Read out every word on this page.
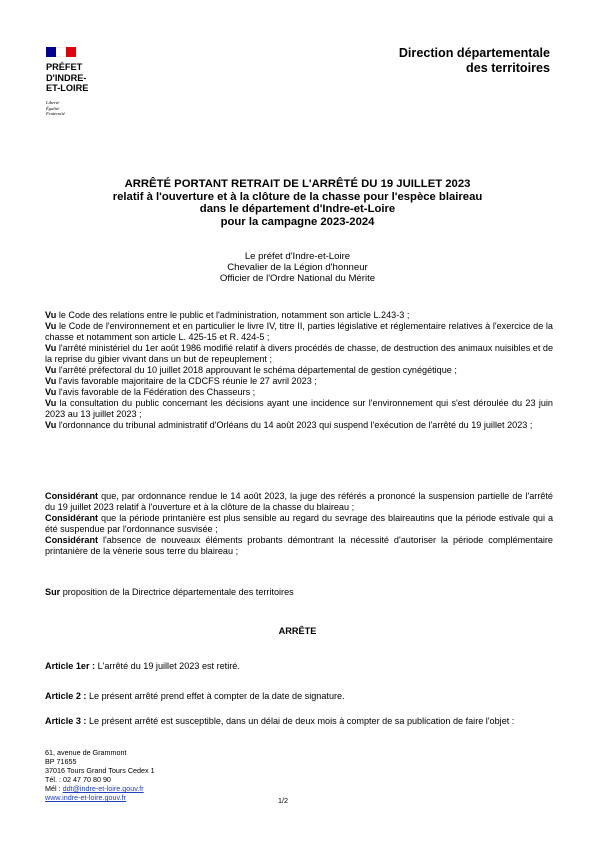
PRÉFET
D'INDRE-
ET-LOIRE
Liberté
Égalité
Fraternité
Direction départementale
des territoires
ARRÊTÉ PORTANT RETRAIT DE L'ARRÊTÉ DU 19 JUILLET 2023
relatif à l'ouverture et à la clôture de la chasse pour l'espèce blaireau
dans le département d'Indre-et-Loire
pour la campagne 2023-2024
Le préfet d'Indre-et-Loire
Chevalier de la Légion d'honneur
Officier de l'Ordre National du Mérite

Vu le Code des relations entre le public et l'administration, notamment son article L.243-3 ;

Vu le Code de l'environnement et en particulier le livre IV, titre II, parties législative et réglementaire relatives à l'exercice de la chasse et notamment son article L. 425-15 et R. 424-5 ;

Vu l'arrêté ministériel du 1er août 1986 modifié relatif à divers procédés de chasse, de destruction des animaux nuisibles et de la reprise du gibier vivant dans un but de repeuplement ;

Vu l'arrêté préfectoral du 10 juillet 2018 approuvant le schéma départemental de gestion cynégétique ;

Vu l'avis favorable majoritaire de la CDCFS réunie le 27 avril 2023 ;

Vu l'avis favorable de la Fédération des Chasseurs ;

Vu la consultation du public concernant les décisions ayant une incidence sur l'environnement qui s'est déroulée du 23 juin 2023 au 13 juillet 2023 ;

Vu l'ordonnance du tribunal administratif d'Orléans du 14 août 2023 qui suspend l'exécution de l'arrêté du 19 juillet 2023 ;

Considérant que, par ordonnance rendue le 14 août 2023, la juge des référés a prononcé la suspension partielle de l'arrêté du 19 juillet 2023 relatif à l'ouverture et à la clôture de la chasse du blaireau ;

Considérant que la période printanière est plus sensible au regard du sevrage des blaireautins que la période estivale qui a été suspendue par l'ordonnance susvisée ;

Considérant l'absence de nouveaux éléments probants démontrant la nécessité d'autoriser la période complémentaire printanière de la vènerie sous terre du blaireau ;

Sur proposition de la Directrice départementale des territoires
ARRÊTE
Article 1er : L'arrêté du 19 juillet 2023 est retiré.
Article 2 : Le présent arrêté prend effet à compter de la date de signature.
Article 3 : Le présent arrêté est susceptible, dans un délai de deux mois à compter de sa publication de faire l'objet :
61, avenue de Grammont
BP 71655
37016 Tours Grand Tours Cedex 1
Tél. : 02 47 70 80 90
Mél : ddt@indre-et-loire.gouv.fr
www.indre-et-loire.gouv.fr	1/2
